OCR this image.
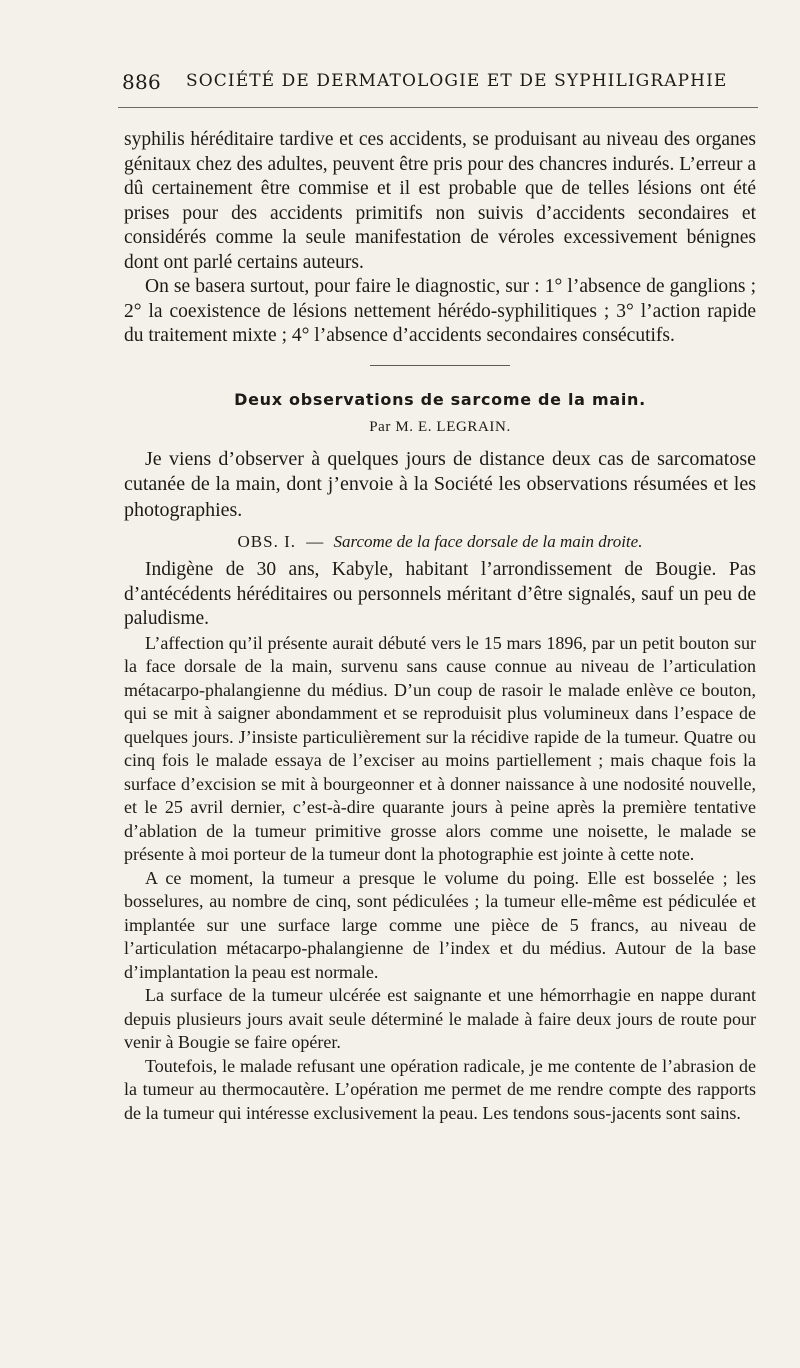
886 SOCIÉTÉ DE DERMATOLOGIE ET DE SYPHILIGRAPHIE

syphilis héréditaire tardive et ces accidents, se produisant au niveau des organes génitaux chez des adultes, peuvent être pris pour des chancres indurés. L’erreur a dû certainement être commise et il est probable que de telles lésions ont été prises pour des accidents primitifs non suivis d’accidents secondaires et considérés comme la seule manifestation de véroles excessivement bénignes dont ont parlé certains auteurs.

On se basera surtout, pour faire le diagnostic, sur : 1° l’absence de ganglions ; 2° la coexistence de lésions nettement hérédo-syphilitiques ; 3° l’action rapide du traitement mixte ; 4° l’absence d’accidents secondaires consécutifs.

Deux observations de sarcome de la main.
Par M. E. LEGRAIN.

Je viens d’observer à quelques jours de distance deux cas de sarcomatose cutanée de la main, dont j’envoie à la Société les observations résumées et les photographies.

OBS. I. — Sarcome de la face dorsale de la main droite.

Indigène de 30 ans, Kabyle, habitant l’arrondissement de Bougie. Pas d’antécédents héréditaires ou personnels méritant d’être signalés, sauf un peu de paludisme.

L’affection qu’il présente aurait débuté vers le 15 mars 1896, par un petit bouton sur la face dorsale de la main, survenu sans cause connue au niveau de l’articulation métacarpo-phalangienne du médius. D’un coup de rasoir le malade enlève ce bouton, qui se mit à saigner abondamment et se reproduisit plus volumineux dans l’espace de quelques jours. J’insiste particulièrement sur la récidive rapide de la tumeur. Quatre ou cinq fois le malade essaya de l’exciser au moins partiellement ; mais chaque fois la surface d’excision se mit à bourgeonner et à donner naissance à une nodosité nouvelle, et le 25 avril dernier, c’est-à-dire quarante jours à peine après la première tentative d’ablation de la tumeur primitive grosse alors comme une noisette, le malade se présente à moi porteur de la tumeur dont la photographie est jointe à cette note.

A ce moment, la tumeur a presque le volume du poing. Elle est bosselée ; les bosselures, au nombre de cinq, sont pédiculées ; la tumeur elle-même est pédiculée et implantée sur une surface large comme une pièce de 5 francs, au niveau de l’articulation métacarpo-phalangienne de l’index et du médius. Autour de la base d’implantation la peau est normale.

La surface de la tumeur ulcérée est saignante et une hémorrhagie en nappe durant depuis plusieurs jours avait seule déterminé le malade à faire deux jours de route pour venir à Bougie se faire opérer.

Toutefois, le malade refusant une opération radicale, je me contente de l’abrasion de la tumeur au thermocautère. L’opération me permet de me rendre compte des rapports de la tumeur qui intéresse exclusivement la peau. Les tendons sous-jacents sont sains.
